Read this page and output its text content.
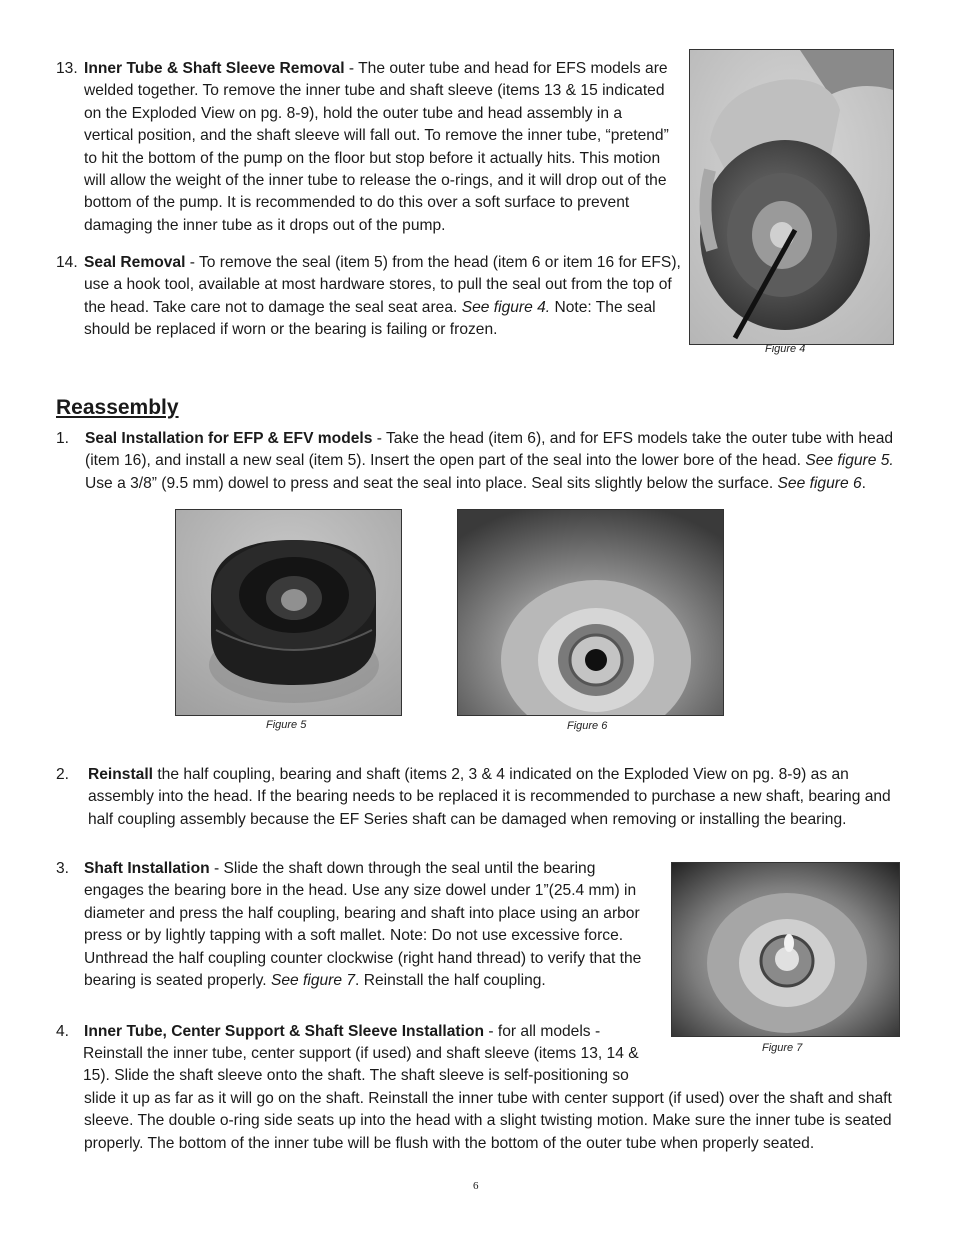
13. Inner Tube & Shaft Sleeve Removal - The outer tube and head for EFS models are welded together. To remove the inner tube and shaft sleeve (items 13 & 15 indicated on the Exploded View on pg. 8-9), hold the outer tube and head assembly in a vertical position, and the shaft sleeve will fall out. To remove the inner tube, “pretend” to hit the bottom of the pump on the floor but stop before it actually hits. This motion will allow the weight of the inner tube to release the o-rings, and it will drop out of the bottom of the pump. It is recommended to do this over a soft surface to prevent damaging the inner tube as it drops out of the pump.
14. Seal Removal - To remove the seal (item 5) from the head (item 6 or item 16 for EFS), use a hook tool, available at most hardware stores, to pull the seal out from the top of the head. Take care not to damage the seal seat area. See figure 4. Note: The seal should be replaced if worn or the bearing is failing or frozen.
Figure 4
Reassembly
1. Seal Installation for EFP & EFV models - Take the head (item 6), and for EFS models take the outer tube with head (item 16), and install a new seal (item 5). Insert the open part of the seal into the lower bore of the head. See figure 5. Use a 3/8” (9.5 mm) dowel to press and seat the seal into place. Seal sits slightly below the surface. See figure 6.
Figure 5	Figure 6
2. Reinstall the half coupling, bearing and shaft (items 2, 3 & 4 indicated on the Exploded View on pg. 8-9) as an assembly into the head. If the bearing needs to be replaced it is recommended to purchase a new shaft, bearing and half coupling assembly because the EF Series shaft can be damaged when removing or installing the bearing.
3. Shaft Installation - Slide the shaft down through the seal until the bearing engages the bearing bore in the head. Use any size dowel under 1”(25.4 mm) in diameter and press the half coupling, bearing and shaft into place using an arbor press or by lightly tapping with a soft mallet. Note: Do not use excessive force. Unthread the half coupling counter clockwise (right hand thread) to verify that the bearing is seated properly. See figure 7. Reinstall the half coupling.
Figure 7
4. Inner Tube, Center Support & Shaft Sleeve Installation - for all models -
Reinstall the inner tube, center support (if used) and shaft sleeve (items 13, 14 & 15). Slide the shaft sleeve onto the shaft. The shaft sleeve is self-positioning so
slide it up as far as it will go on the shaft. Reinstall the inner tube with center support (if used) over the shaft and shaft sleeve. The double o-ring side seats up into the head with a slight twisting motion. Make sure the inner tube is seated properly. The bottom of the inner tube will be flush with the bottom of the outer tube when properly seated.
6
